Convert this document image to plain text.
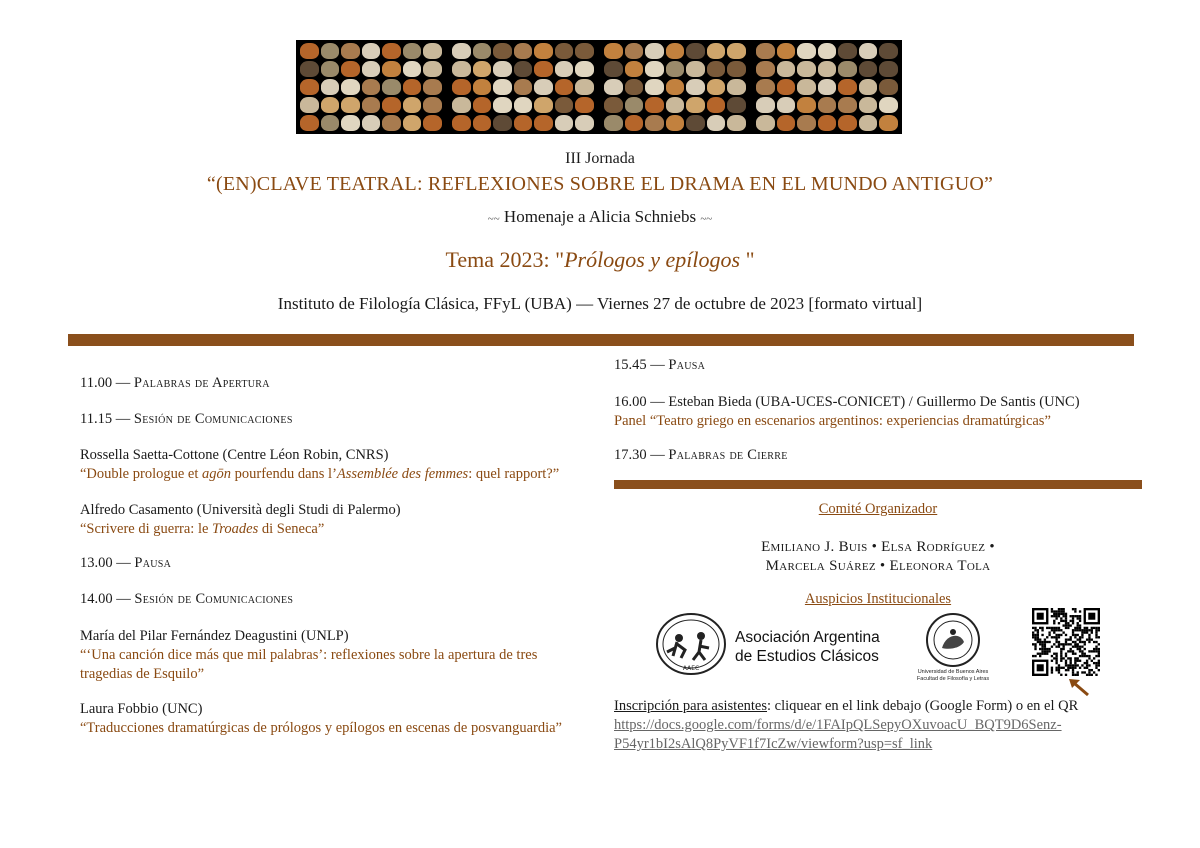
III Jornada
“(EN)CLAVE TEATRAL: REFLEXIONES SOBRE EL DRAMA EN EL MUNDO ANTIGUO”
~~ Homenaje a Alicia Schniebs ~~
Tema 2023: "Prólogos y epílogos "
Instituto de Filología Clásica, FFyL (UBA) — Viernes 27 de octubre de 2023 [formato virtual]
11.00 — Palabras de Apertura
11.15 — Sesión de Comunicaciones
Rossella Saetta-Cottone (Centre Léon Robin, CNRS)
“Double prologue et agōn pourfendu dans l’Assemblée des femmes: quel rapport?”
Alfredo Casamento (Università degli Studi di Palermo)
“Scrivere di guerra: le Troades di Seneca”
13.00 — Pausa
14.00 — Sesión de Comunicaciones
María del Pilar Fernández Deagustini (UNLP)
“‘Una canción dice más que mil palabras’: reflexiones sobre la apertura de tres
tragedias de Esquilo”
Laura Fobbio (UNC)
“Traducciones dramatúrgicas de prólogos y epílogos en escenas de posvanguardia”
15.45 — Pausa
16.00 — Esteban Bieda (UBA-UCES-CONICET) / Guillermo De Santis (UNC)
Panel “Teatro griego en escenarios argentinos: experiencias dramatúrgicas”
17.30 — Palabras de Cierre
Comité Organizador
Emiliano J. Buis • Elsa Rodríguez •
Marcela Suárez • Eleonora Tola
Auspicios Institucionales
AAEC
Asociación Argentina
de Estudios Clásicos
Universidad de Buenos Aires
Facultad de Filosofía y Letras
Inscripción para asistentes: cliquear en el link debajo (Google Form) o en el QR
https://docs.google.com/forms/d/e/1FAIpQLSepyOXuvoacU_BQT9D6Senz-
P54yr1bI2sAlQ8PyVF1f7IcZw/viewform?usp=sf_link
